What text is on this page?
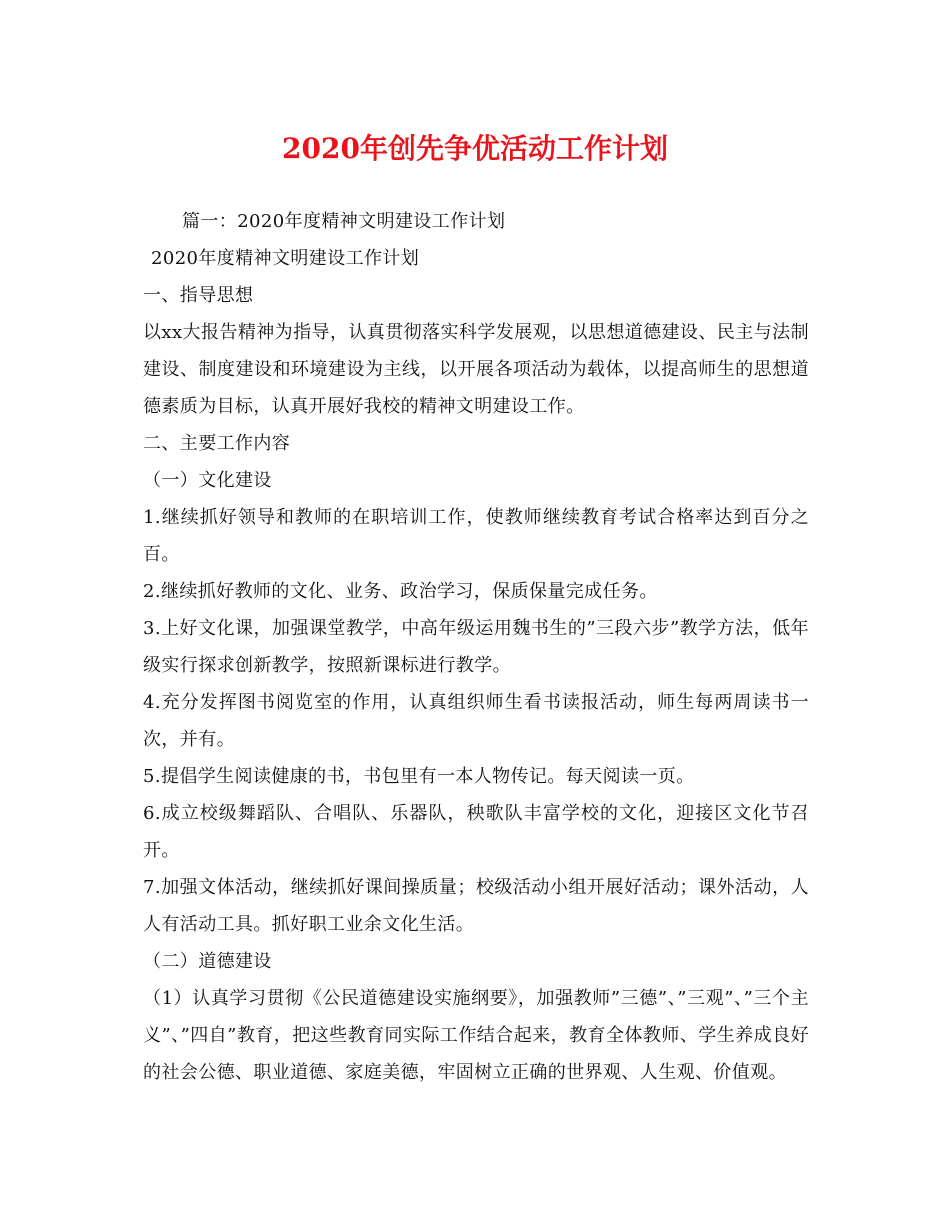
2020年创先争优活动工作计划
篇一：2020年度精神文明建设工作计划
2020年度精神文明建设工作计划
一、指导思想
以xx大报告精神为指导，认真贯彻落实科学发展观，以思想道德建设、民主与法制建设、制度建设和环境建设为主线，以开展各项活动为载体，以提高师生的思想道德素质为目标，认真开展好我校的精神文明建设工作。
二、主要工作内容
（一）文化建设
1.继续抓好领导和教师的在职培训工作，使教师继续教育考试合格率达到百分之百。
2.继续抓好教师的文化、业务、政治学习，保质保量完成任务。
3.上好文化课，加强课堂教学，中高年级运用魏书生的”三段六步”教学方法，低年级实行探求创新教学，按照新课标进行教学。
4.充分发挥图书阅览室的作用，认真组织师生看书读报活动，师生每两周读书一次，并有。
5.提倡学生阅读健康的书，书包里有一本人物传记。每天阅读一页。
6.成立校级舞蹈队、合唱队、乐器队，秧歌队丰富学校的文化，迎接区文化节召开。
7.加强文体活动，继续抓好课间操质量；校级活动小组开展好活动；课外活动，人人有活动工具。抓好职工业余文化生活。
（二）道德建设
（1）认真学习贯彻《公民道德建设实施纲要》，加强教师”三德”、”三观”、”三个主义”、”四自”教育，把这些教育同实际工作结合起来，教育全体教师、学生养成良好的社会公德、职业道德、家庭美德，牢固树立正确的世界观、人生观、价值观。
